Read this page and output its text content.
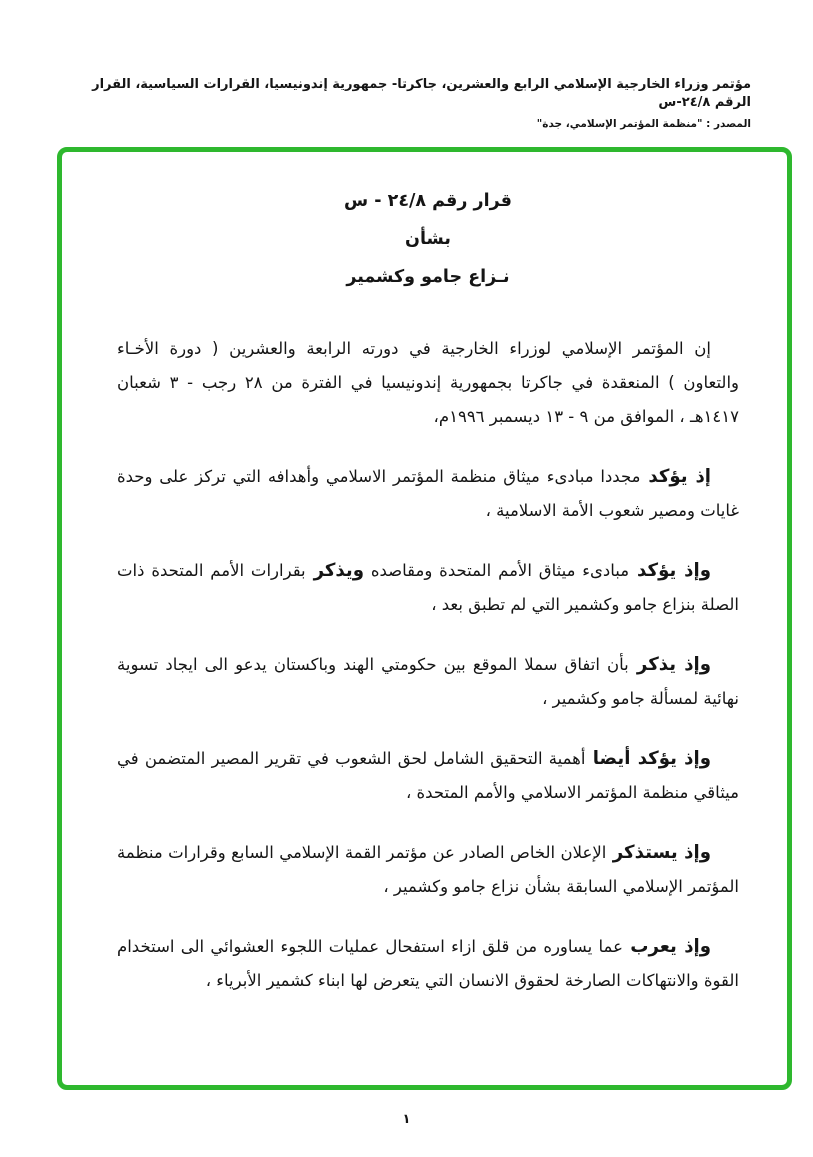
مؤتمر وزراء الخارجية الإسلامي الرابع والعشرين، جاكرتا- جمهورية إندونيسيا، القرارات السياسية، القرار الرقم ٢٤/٨-س
المصدر : "منظمة المؤتمر الإسلامي، جدة"
قرار رقم ٢٤/٨ - س
بشأن
نـزاع جامو وكشمير

إن المؤتمر الإسلامي لوزراء الخارجية في دورته الرابعة والعشرين ( دورة الأخـاء والتعاون ) المنعقدة في جاكرتا بجمهورية إندونيسيا في الفترة من ٢٨ رجب - ٣ شعبان ١٤١٧هـ ، الموافق من ٩ - ١٣ ديسمبر ١٩٩٦م،

إذ يؤكد مجددا مبادىء ميثاق منظمة المؤتمر الاسلامي وأهدافه التي تركز على وحدة غايات ومصير شعوب الأمة الاسلامية ،

وإذ يؤكد مبادىء ميثاق الأمم المتحدة ومقاصده ويذكر بقرارات الأمم المتحدة ذات الصلة بنزاع جامو وكشمير التي لم تطبق بعد ،

وإذ يذكر بأن اتفاق سملا الموقع بين حكومتي الهند وباكستان يدعو الى ايجاد تسوية نهائية لمسألة جامو وكشمير ،

وإذ يؤكد أيضا أهمية التحقيق الشامل لحق الشعوب في تقرير المصير المتضمن في ميثاقي منظمة المؤتمر الاسلامي والأمم المتحدة ،

وإذ يستذكر الإعلان الخاص الصادر عن مؤتمر القمة الإسلامي السابع وقرارات منظمة المؤتمر الإسلامي السابقة بشأن نزاع جامو وكشمير ،

وإذ يعرب عما يساوره من قلق ازاء استفحال عمليات اللجوء العشوائي الى استخدام القوة والانتهاكات الصارخة لحقوق الانسان التي يتعرض لها ابناء كشمير الأبرياء ،

١
